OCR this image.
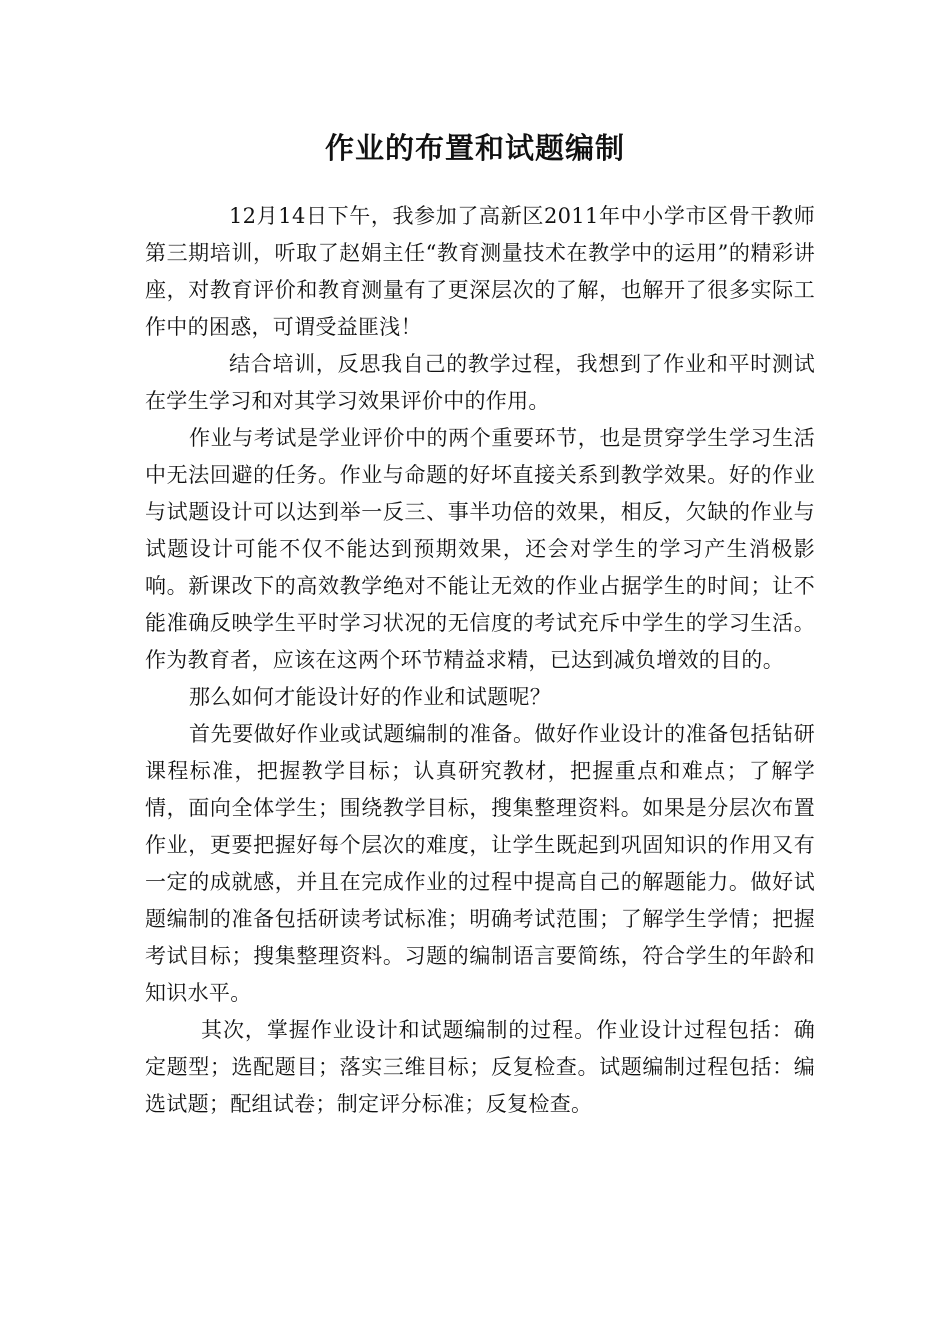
作业的布置和试题编制

12月14日下午，我参加了高新区2011年中小学市区骨干教师第三期培训，听取了赵娟主任“教育测量技术在教学中的运用”的精彩讲座，对教育评价和教育测量有了更深层次的了解，也解开了很多实际工作中的困惑，可谓受益匪浅！

结合培训，反思我自己的教学过程，我想到了作业和平时测试在学生学习和对其学习效果评价中的作用。

作业与考试是学业评价中的两个重要环节，也是贯穿学生学习生活中无法回避的任务。作业与命题的好坏直接关系到教学效果。好的作业与试题设计可以达到举一反三、事半功倍的效果，相反，欠缺的作业与试题设计可能不仅不能达到预期效果，还会对学生的学习产生消极影响。新课改下的高效教学绝对不能让无效的作业占据学生的时间；让不能准确反映学生平时学习状况的无信度的考试充斥中学生的学习生活。作为教育者，应该在这两个环节精益求精，已达到减负增效的目的。

那么如何才能设计好的作业和试题呢？

首先要做好作业或试题编制的准备。做好作业设计的准备包括钻研课程标准，把握教学目标；认真研究教材，把握重点和难点；了解学情，面向全体学生；围绕教学目标，搜集整理资料。如果是分层次布置作业，更要把握好每个层次的难度，让学生既起到巩固知识的作用又有一定的成就感，并且在完成作业的过程中提高自己的解题能力。做好试题编制的准备包括研读考试标准；明确考试范围；了解学生学情；把握考试目标；搜集整理资料。习题的编制语言要简练，符合学生的年龄和知识水平。

其次，掌握作业设计和试题编制的过程。作业设计过程包括：确定题型；选配题目；落实三维目标；反复检查。试题编制过程包括：编选试题；配组试卷；制定评分标准；反复检查。
